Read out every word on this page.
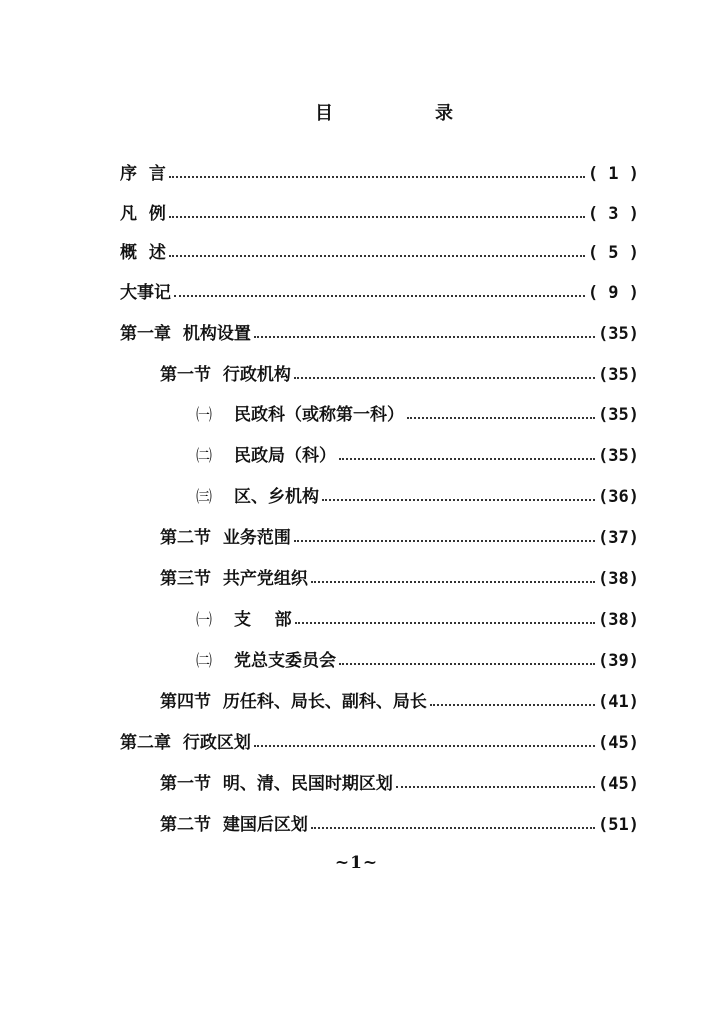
目	录
序  言	( 1 )
凡  例	( 3 )
概  述	( 5 )
大事记	( 9 )
第一章  机构设置	(35)
第一节  行政机构	(35)
㈠	民政科（或称第一科）	(35)
㈡	民政局（科）	(35)
㈢	区、乡机构	(36)
第二节  业务范围	(37)
第三节  共产党组织	(38)
㈠	支    部	(38)
㈡	党总支委员会	(39)
第四节  历任科、局长、副科、局长	(41)
第二章  行政区划	(45)
第一节  明、清、民国时期区划	(45)
第二节  建国后区划	(51)
~1~
